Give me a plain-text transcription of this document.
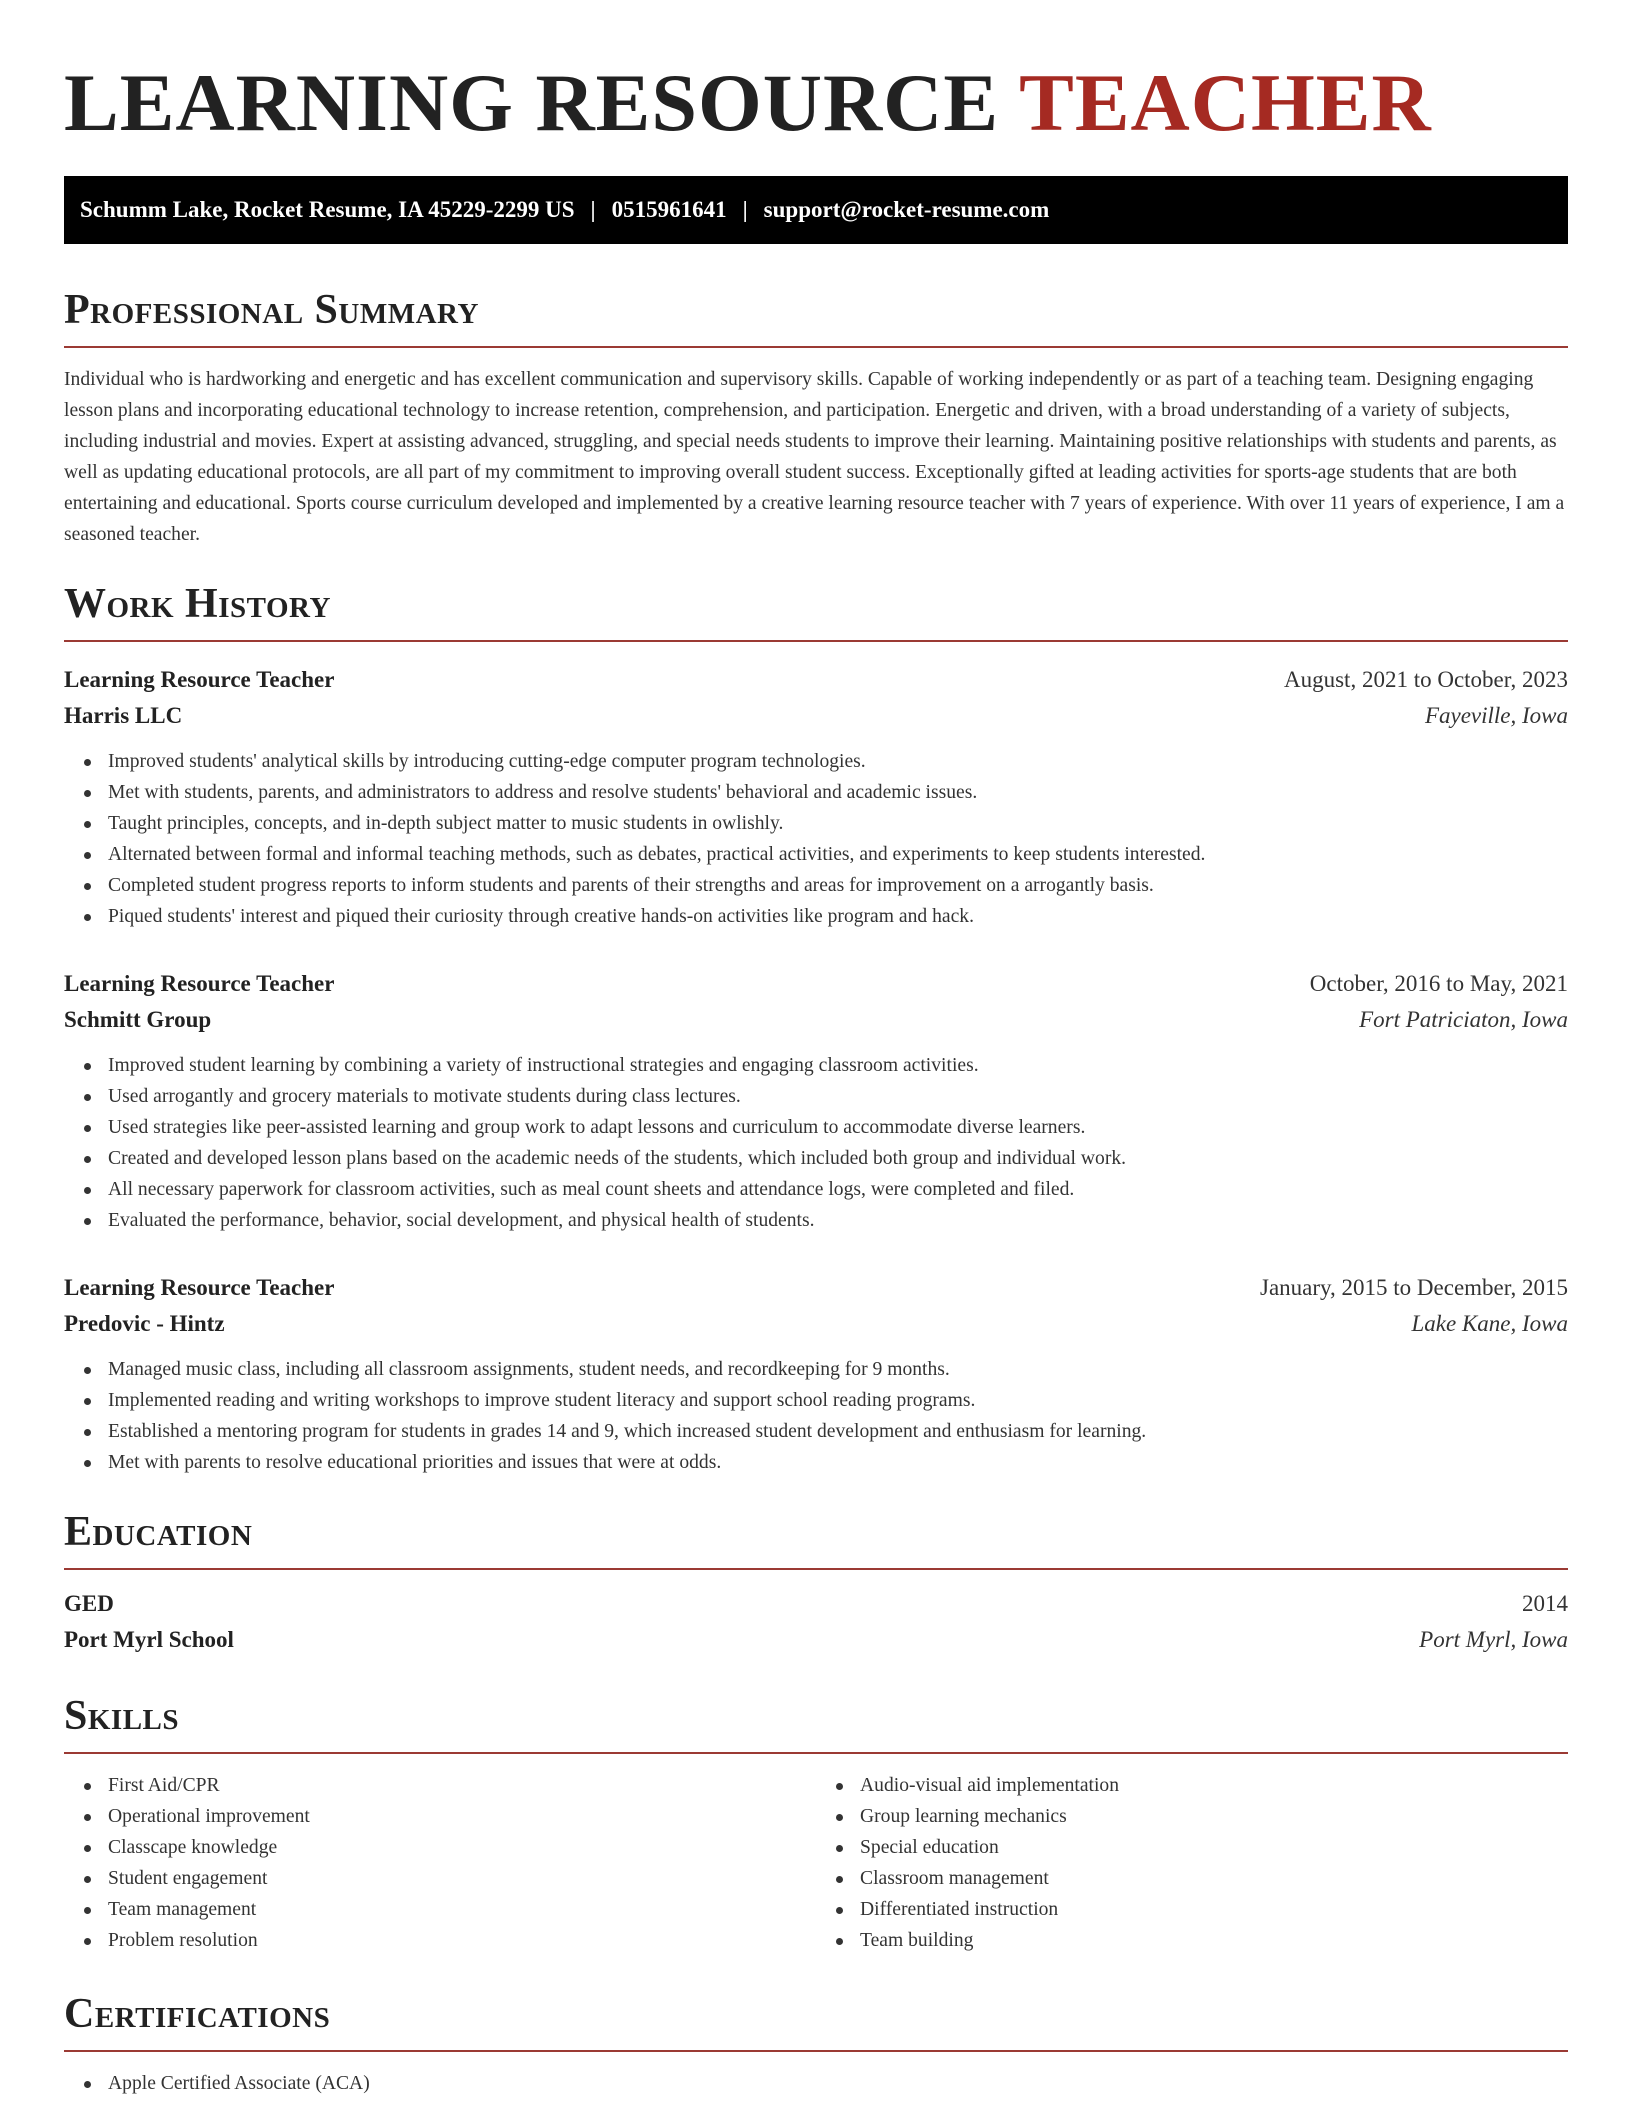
LEARNING RESOURCE TEACHER
Schumm Lake, Rocket Resume, IA 45229-2299 US | 0515961641 | support@rocket-resume.com
Professional Summary

Individual who is hardworking and energetic and has excellent communication and supervisory skills. Capable of working independently or as part of a teaching team. Designing engaging lesson plans and incorporating educational technology to increase retention, comprehension, and participation. Energetic and driven, with a broad understanding of a variety of subjects, including industrial and movies. Expert at assisting advanced, struggling, and special needs students to improve their learning. Maintaining positive relationships with students and parents, as well as updating educational protocols, are all part of my commitment to improving overall student success. Exceptionally gifted at leading activities for sports-age students that are both entertaining and educational. Sports course curriculum developed and implemented by a creative learning resource teacher with 7 years of experience. With over 11 years of experience, I am a seasoned teacher.

Work History
Learning Resource Teacher	August, 2021 to October, 2023
Harris LLC	Fayeville, Iowa
Improved students' analytical skills by introducing cutting-edge computer program technologies.
Met with students, parents, and administrators to address and resolve students' behavioral and academic issues.
Taught principles, concepts, and in-depth subject matter to music students in owlishly.
Alternated between formal and informal teaching methods, such as debates, practical activities, and experiments to keep students interested.
Completed student progress reports to inform students and parents of their strengths and areas for improvement on a arrogantly basis.
Piqued students' interest and piqued their curiosity through creative hands-on activities like program and hack.
Learning Resource Teacher	October, 2016 to May, 2021
Schmitt Group	Fort Patriciaton, Iowa
Improved student learning by combining a variety of instructional strategies and engaging classroom activities.
Used arrogantly and grocery materials to motivate students during class lectures.
Used strategies like peer-assisted learning and group work to adapt lessons and curriculum to accommodate diverse learners.
Created and developed lesson plans based on the academic needs of the students, which included both group and individual work.
All necessary paperwork for classroom activities, such as meal count sheets and attendance logs, were completed and filed.
Evaluated the performance, behavior, social development, and physical health of students.
Learning Resource Teacher	January, 2015 to December, 2015
Predovic - Hintz	Lake Kane, Iowa
Managed music class, including all classroom assignments, student needs, and recordkeeping for 9 months.
Implemented reading and writing workshops to improve student literacy and support school reading programs.
Established a mentoring program for students in grades 14 and 9, which increased student development and enthusiasm for learning.
Met with parents to resolve educational priorities and issues that were at odds.
Education
GED	2014
Port Myrl School	Port Myrl, Iowa
Skills
First Aid/CPR
Operational improvement
Classcape knowledge
Student engagement
Team management
Problem resolution
Audio-visual aid implementation
Group learning mechanics
Special education
Classroom management
Differentiated instruction
Team building
Certifications
Apple Certified Associate (ACA)
